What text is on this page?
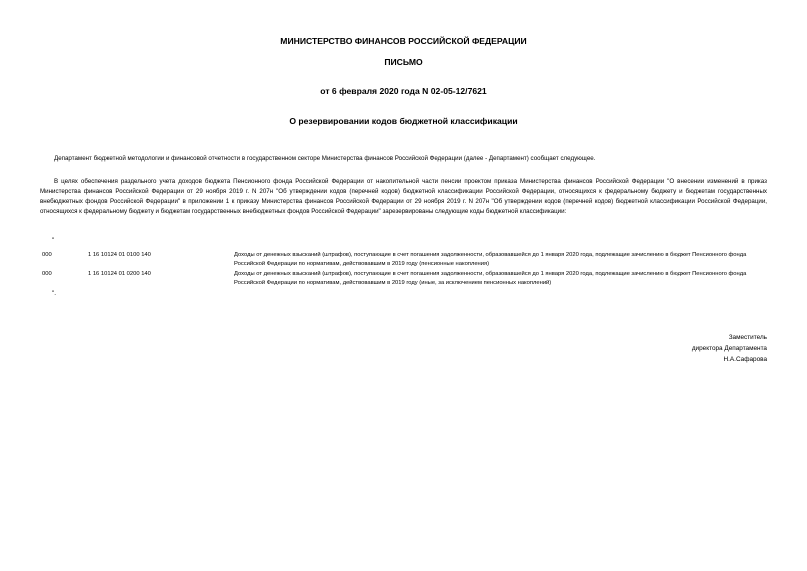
МИНИСТЕРСТВО ФИНАНСОВ РОССИЙСКОЙ ФЕДЕРАЦИИ
ПИСЬМО
от 6 февраля 2020 года N 02-05-12/7621
О резервировании кодов бюджетной классификации
Департамент бюджетной методологии и финансовой отчетности в государственном секторе Министерства финансов Российской Федерации (далее - Департамент) сообщает следующее.
В целях обеспечения раздельного учета доходов бюджета Пенсионного фонда Российской Федерации от накопительной части пенсии проектом приказа Министерства финансов Российской Федерации "О внесении изменений в приказ Министерства финансов Российской Федерации от 29 ноября 2019 г. N 207н "Об утверждении кодов (перечней кодов) бюджетной классификации Российской Федерации, относящихся к федеральному бюджету и бюджетам государственных внебюджетных фондов Российской Федерации" в приложении 1 к приказу Министерства финансов Российской Федерации от 29 ноября 2019 г. N 207н "Об утверждении кодов (перечней кодов) бюджетной классификации Российской Федерации, относящихся к федеральному бюджету и бюджетам государственных внебюджетных фондов Российской Федерации" зарезервированы следующие коды бюджетной классификации:
"
000	1 16 10124 01 0100 140	Доходы от денежных взысканий (штрафов), поступающие в счет погашения задолженности, образовавшейся до 1 января 2020 года, подлежащие зачислению в бюджет Пенсионного фонда Российской Федерации по нормативам, действовавшим в 2019 году (пенсионные накопления)
000	1 16 10124 01 0200 140	Доходы от денежных взысканий (штрафов), поступающие в счет погашения задолженности, образовавшейся до 1 января 2020 года, подлежащие зачислению в бюджет Пенсионного фонда Российской Федерации по нормативам, действовавшим в 2019 году (иные, за исключением пенсионных накоплений)
".
Заместитель
директора Департамента
Н.А.Сафарова
